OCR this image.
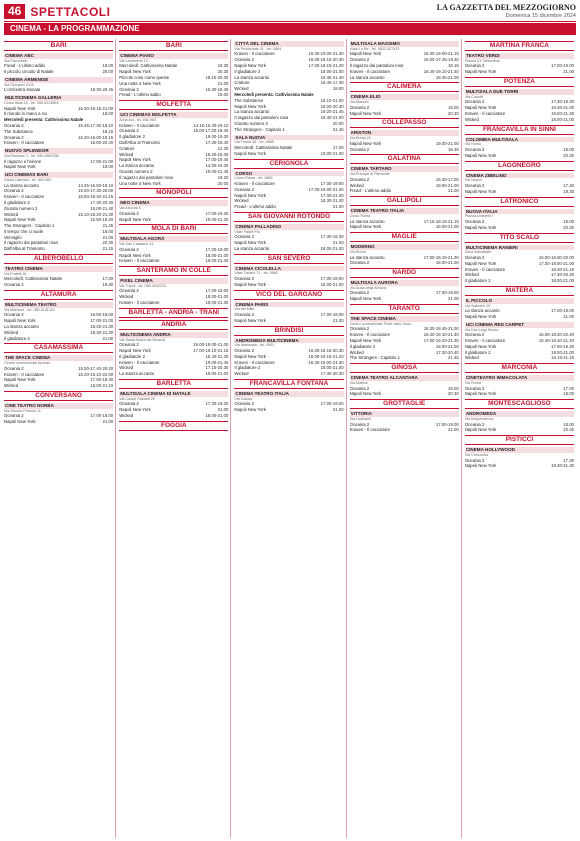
46 SPETTACOLI	LA GAZZETTA DEL MEZZOGIORNO
Domenica 15 dicembre 2024
CINEMA - LA PROGRAMMAZIONE
BARI
CINEMA ABC
Via Pavoncelli
Fread - L'ultimo addio	18.00
Il piccolo circuito di Natale	20.00
CINEMA ARMENISE
Via Giovanni XXIII
L'orchestra stonata	18.30-20.45
MULTICINEMA GALLERIA
Corso Italia 15 - tel. 080.5214563
Napoli New York	16.30-19.15-21.00
Il mondo in mano a noi	18.00
Mercoledì presenta: Cattivissima Natale
Oceania 2	16.45-17.30-19.10
The Substance	18.15
Oceania 2	16.30-18.00-19.15
Kraven - Il cacciatore	18.00-20.40
NUOVO SPLENDOR
Via Rozzano 3 - tel. 080.5569786
Il ragazzo e l'airone	17.00-21.00
Napoli New York	18.00
UCI CINEMAS BARI
Santa Caterina - tel. 892.960
La stanza accanto	14.25-16.50-19.10
Oceania 2	15.00-17.30-20.00
Kraven - Il cacciatore	16.00-18.40-21.15
Il gladiatore 2	17.30-20.30
Giurato numero 2	19.00-21.40
Wicked	15.10-18.20-21.30
Napoli New York	16.50-19.20
The Strangers - Capitolo 1	21.45
Il tempo che ci vuole	18.00
Vermiglio	21.00
Il ragazzo dai pantaloni rosa	20.30
Dall'Alba al Tramonto	21.15
ALBEROBELLO
TEATRO CINEMA
Via Fratelli 16
Mercoledì: Cattivissima Natale	17.00
Oceania 2	19.30
ALTAMURA
MULTICINEMA TEATRO
Via Manzoni - tel. 080.3141421
Oceania 2	16.50-19.00
Napoli New York	17.00-21.00
La stanza accanto	18.45-21.30
Wicked	18.30-21.30
Il gladiatore 2	21.00
CASAMASSIMA
THE SPACE CINEMA
Centro commerciale Auchan
Oceania 2	15.00-17.40-20.20
Kraven - Il cacciatore	16.20-19.10-22.00
Napoli New York	17.00-19.40
Wicked	18.00-21.10
CONVERSANO
CINE TEATRO NORBA
Via Niccolò Piccinni 11
Oceania 2	17.00-19.00
Napoli New York	21.00
BARI
CINEMA PIANO
Via Lamaveria 12
Mercoledì: Cattivissima Natale	18.30
Napoli New York	20.30
Piccole cose come queste	18.15-20.30
Una notte a New York	21.00
Oceania 2	16.30-18.45
Fread - L'ultimo addio	19.00
MOLFETTA
UCI CINEMAS MOLFETTA
Zona Asi - tel. 892.960
Kraven - Il cacciatore	14.15-16.40-19.10
Oceania 2	15.00-17.20-19.40
Il gladiatore 2	16.00-19.30
Dall'Alba al Tramonto	17.30-18.40
Criature	21.30
Wicked	15.20-18.30
Napoli New York	17.00-19.45
La stanza accanto	14.00-16.30
Giurato numero 2	19.00-21.45
Il ragazzo dai pantaloni rosa	18.20
Una notte a New York	20.00
MONOPOLI
NEO CINEMA
Via Ancona 5
Oceania 2	17.00-19.30
Napoli New York	19.00-21.30
MOLA DI BARI
MULTISALA AGORÀ
Via San Cassiano 41
Oceania 2	17.00-19.00
Napoli New York	18.00-21.00
Kraven - Il cacciatore	19.00-21.30
SANTERAMO IN COLLE
PIXEL CINEMA
Via Tripoli - tel. 080.3032333
Oceania 2	17.00-19.00
Wicked	18.00-21.00
Kraven - Il cacciatore	19.00-21.30
BARLETTA - ANDRIA - TRANI
ANDRIA
MULTICINEMA ANDRIA
Via Santa Maria dei Miracoli
Oceania 2	16.00-19.00-21.00
Napoli New York	17.00-19.10-21.15
Il gladiatore 2	18.40-21.30
Kraven - Il cacciatore	19.00-21.45
Wicked	17.15-20.30
La stanza accanto	19.00-21.00
BARLETTA
MULTISALA CINEMA DI NATALE
Via Caduti Fascisti 29
Oceania 2	17.30-19.30
Napoli New York	21.00
Wicked	18.00-21.00
FOGGIA
CITTÀ DEL CINEMA
Via Provinciale 41 - tel. 0884
Kraven - Il cacciatore	16.30-19.00-21.30
Oceania 2	16.00-18.15-20.30
Napoli New York	17.00-19.15-21.20
Il gladiatore 2	18.00-21.00
La stanza accanto	18.35-21.40
Criature	16.40-17.30
Wicked	18.00
Mercoledì presenta: Cattivissima Natale
The Substance	18.10-21.00
Napoli New York	18.00-20.30
La stanza accanto	19.20-21.45
Il ragazzo dai pantaloni rosa	18.30-21.00
Giurato numero 2	20.00
The Strangers - Capitolo 1	21.45
SALA NUOVA
Via Trento 38 - tel. 0885
Mercoledì: Cattivissima Natale	17.00
Napoli New York	19.00-21.00
CERIGNOLA
CORSO
Corso Roma - tel. 0885
Kraven - Il cacciatore	17.00-19.00
Oceania 2	17.00-19.00-21.00
Napoli New York	17.00-21.00
Wicked	18.30-21.30
Fread - L'ultimo addio	21.00
SAN GIOVANNI ROTONDO
CINEMA PALLADINO
Viale Padre Pio
Oceania 2	17.30-19.30
Napoli New York	21.00
La stanza accanto	18.00-21.00
SAN SEVERO
CINEMA CICOLELLA
Viale Tiziano 71 - tel. 0882
Oceania 2	17.00-19.00
Napoli New York	18.00-21.00
VICO DEL GARGANO
CINEMA PARIS
Via dei Mille
Oceania 2	17.00-19.00
Napoli New York	21.00
BRINDISI
ANDROMEDA MULTICINEMA
Via Nazionale - tel. 0831
Oceania 2	16.00-18.15-20.30
Napoli New York	18.00-19.15-21.20
Kraven - Il cacciatore	16.30-19.00-21.30
Il gladiatore 2	18.00-21.00
Wicked	17.30-20.30
FRANCAVILLA FONTANA
CINEMA TEATRO ITALIA
Via Cavour
Oceania 2	17.00-19.00
Napoli New York	21.00
MULTISALA MASSIMO
Viale Lo Re - tel. 0832.307433
Napoli New York	16.30-19.00-21.15
Oceania 2	16.00-17.45-19.30
Il ragazzo dai pantaloni rosa	18.15
Kraven - Il cacciatore	16.40-19.10-21.40
La stanza accanto	18.45-21.00
CALIMERA
CINEMA ELIO
Via Mazzini
Oceania 2	18.00
Napoli New York	20.30
COLLEPASSO
ARISTON
Via Roma 22
Napoli New York	19.00-21.00
Oceania 2	18.45
GALATINA
CINEMA TARTARO
Via Principe di Piemonte
Oceania 2	16.30-17.00
Wicked	19.00-21.00
Fread - L'ultimo addio	21.00
GALLIPOLI
CINEMA TEATRO ITALIA
Corso Roma
La stanza accanto	17.15-18.15-21.15
Napoli New York	18.00-21.00
MAGLIE
MODERNO
Via Roma
La stanza accanto	17.00-19.15-21.30
Oceania 2	18.00-21.00
NARDÒ
MULTISALA AURORA
Via Duca degli Abruzzi
Oceania 2	17.00-19.00
Napoli New York	21.00
TARANTO
THE SPACE CINEMA
Centro commerciale Porte dello Jonio
Oceania 2	16.30-18.45-21.00
Kraven - Il cacciatore	16.40-19.10-21.40
Napoli New York	17.00-19.20-21.30
Il gladiatore 2	18.00-21.00
Wicked	17.30-20.40
The Strangers - Capitolo 1	21.45
GINOSA
CINEMA TEATRO ALCANTARA
Via Matrice
Oceania 2	18.00
Napoli New York	20.30
GROTTAGLIE
VITTORIA
Via Garibaldi
Oceania 2	17.00-19.00
Kraven - Il cacciatore	21.00
MARTINA FRANCA
TEATRO VERDI
Piazza XX Settembre
Oceania 2	17.00-19.00
Napoli New York	21.00
POTENZA
MULTISALA DUE TORRI
Via Ciccotti
Oceania 2	17.30-19.30
Napoli New York	18.30-21.00
Kraven - Il cacciatore	19.00-21.30
Wicked	18.00-21.00
FRANCAVILLA IN SINNI
COLOMBIA MULTISALA
Via Roma
Oceania 2	18.00
Napoli New York	20.30
LAGONEGRO
CINEMA ZIBELINO
Via Napoli
Oceania 2	17.30
Napoli New York	19.30
LATRONICO
NUOVA ITALIA
Piazza Umberto I
Oceania 2	18.00
Napoli New York	20.30
TITO SCALO
MULTICINEMA RANIERI
Zona industriale
Oceania 2	16.00-18.00-20.00
Napoli New York	17.00-19.00-21.00
Kraven - Il cacciatore	18.30-21.15
Wicked	17.30-20.30
Il gladiatore 2	18.00-21.00
MATERA
IL PICCOLO
Via Sallustio 19
La stanza accanto	17.00-19.00
Napoli New York	21.00
UCI CINEMA RED CARPET
Via Don Luigi Sturzo
Oceania 2	16.00-18.20-20.40
Kraven - Il cacciatore	16.40-19.10-21.40
Napoli New York	17.00-19.30
Il gladiatore 2	18.00-21.00
Wicked	18.15-21.15
MARCONIA
CINETEATRO IMMACOLATA
Via Roma
Oceania 2	17.00
Napoli New York	19.00
MONTESCAGLIOSO
ANDROMEDA
Via Indipendenza
Oceania 2	18.00
Napoli New York	20.30
PISTICCI
CINEMA HOLLYWOOD
Via Concordia
Oceania 2	17.30
Napoli New York	19.30-21.30
